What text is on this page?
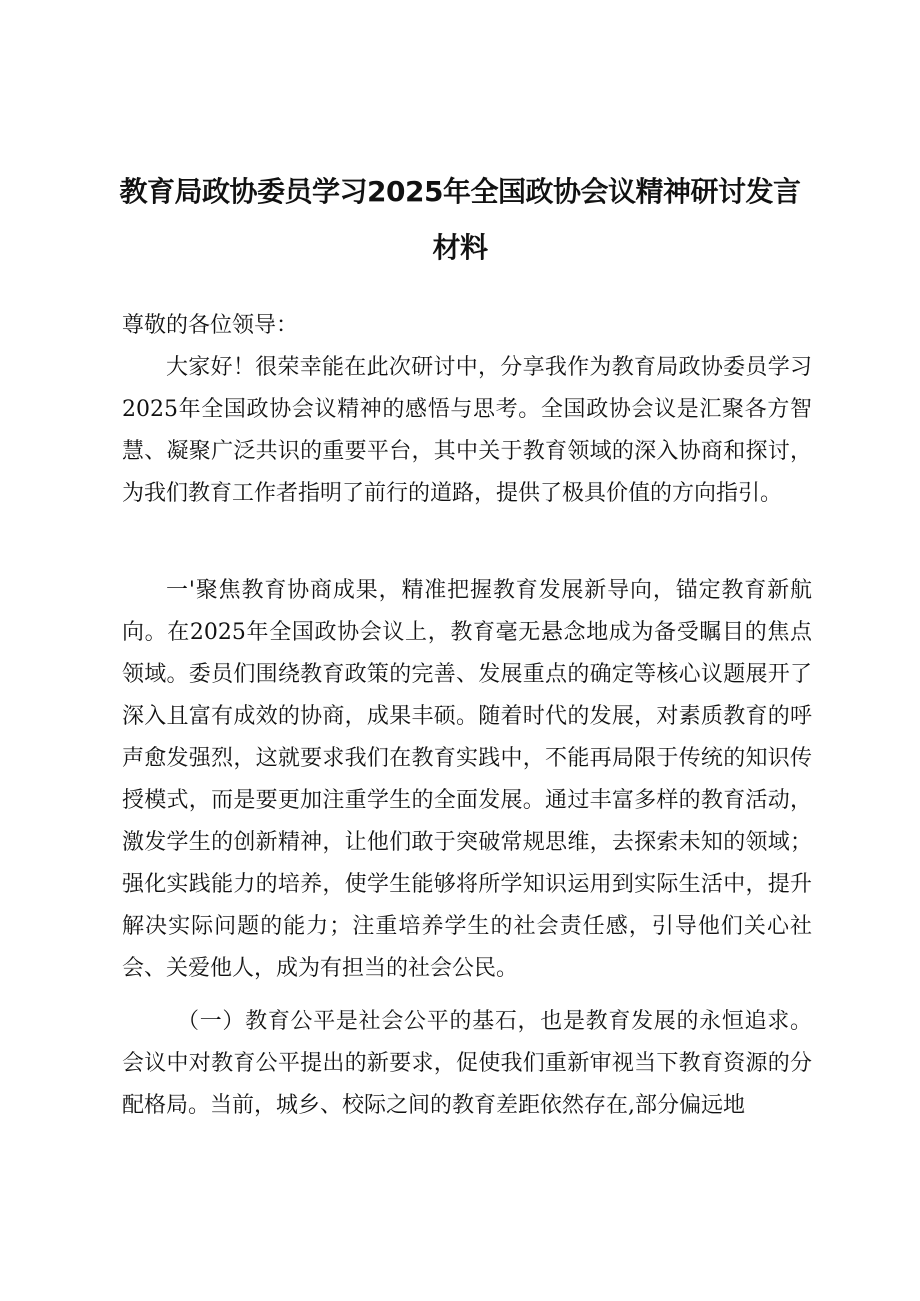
教育局政协委员学习2025年全国政协会议精神研讨发言
材料
尊敬的各位领导：

大家好！很荣幸能在此次研讨中，分享我作为教育局政协委员学习2025年全国政协会议精神的感悟与思考。全国政协会议是汇聚各方智慧、凝聚广泛共识的重要平台，其中关于教育领域的深入协商和探讨，为我们教育工作者指明了前行的道路，提供了极具价值的方向指引。

一'聚焦教育协商成果，精准把握教育发展新导向，锚定教育新航向。在2025年全国政协会议上，教育毫无悬念地成为备受瞩目的焦点领域。委员们围绕教育政策的完善、发展重点的确定等核心议题展开了深入且富有成效的协商，成果丰硕。随着时代的发展，对素质教育的呼声愈发强烈，这就要求我们在教育实践中，不能再局限于传统的知识传授模式，而是要更加注重学生的全面发展。通过丰富多样的教育活动，激发学生的创新精神，让他们敢于突破常规思维，去探索未知的领域；强化实践能力的培养，使学生能够将所学知识运用到实际生活中，提升解决实际问题的能力；注重培养学生的社会责任感，引导他们关心社会、关爱他人，成为有担当的社会公民。

（一）教育公平是社会公平的基石，也是教育发展的永恒追求。会议中对教育公平提出的新要求，促使我们重新审视当下教育资源的分配格局。当前，城乡、校际之间的教育差距依然存在,部分偏远地
